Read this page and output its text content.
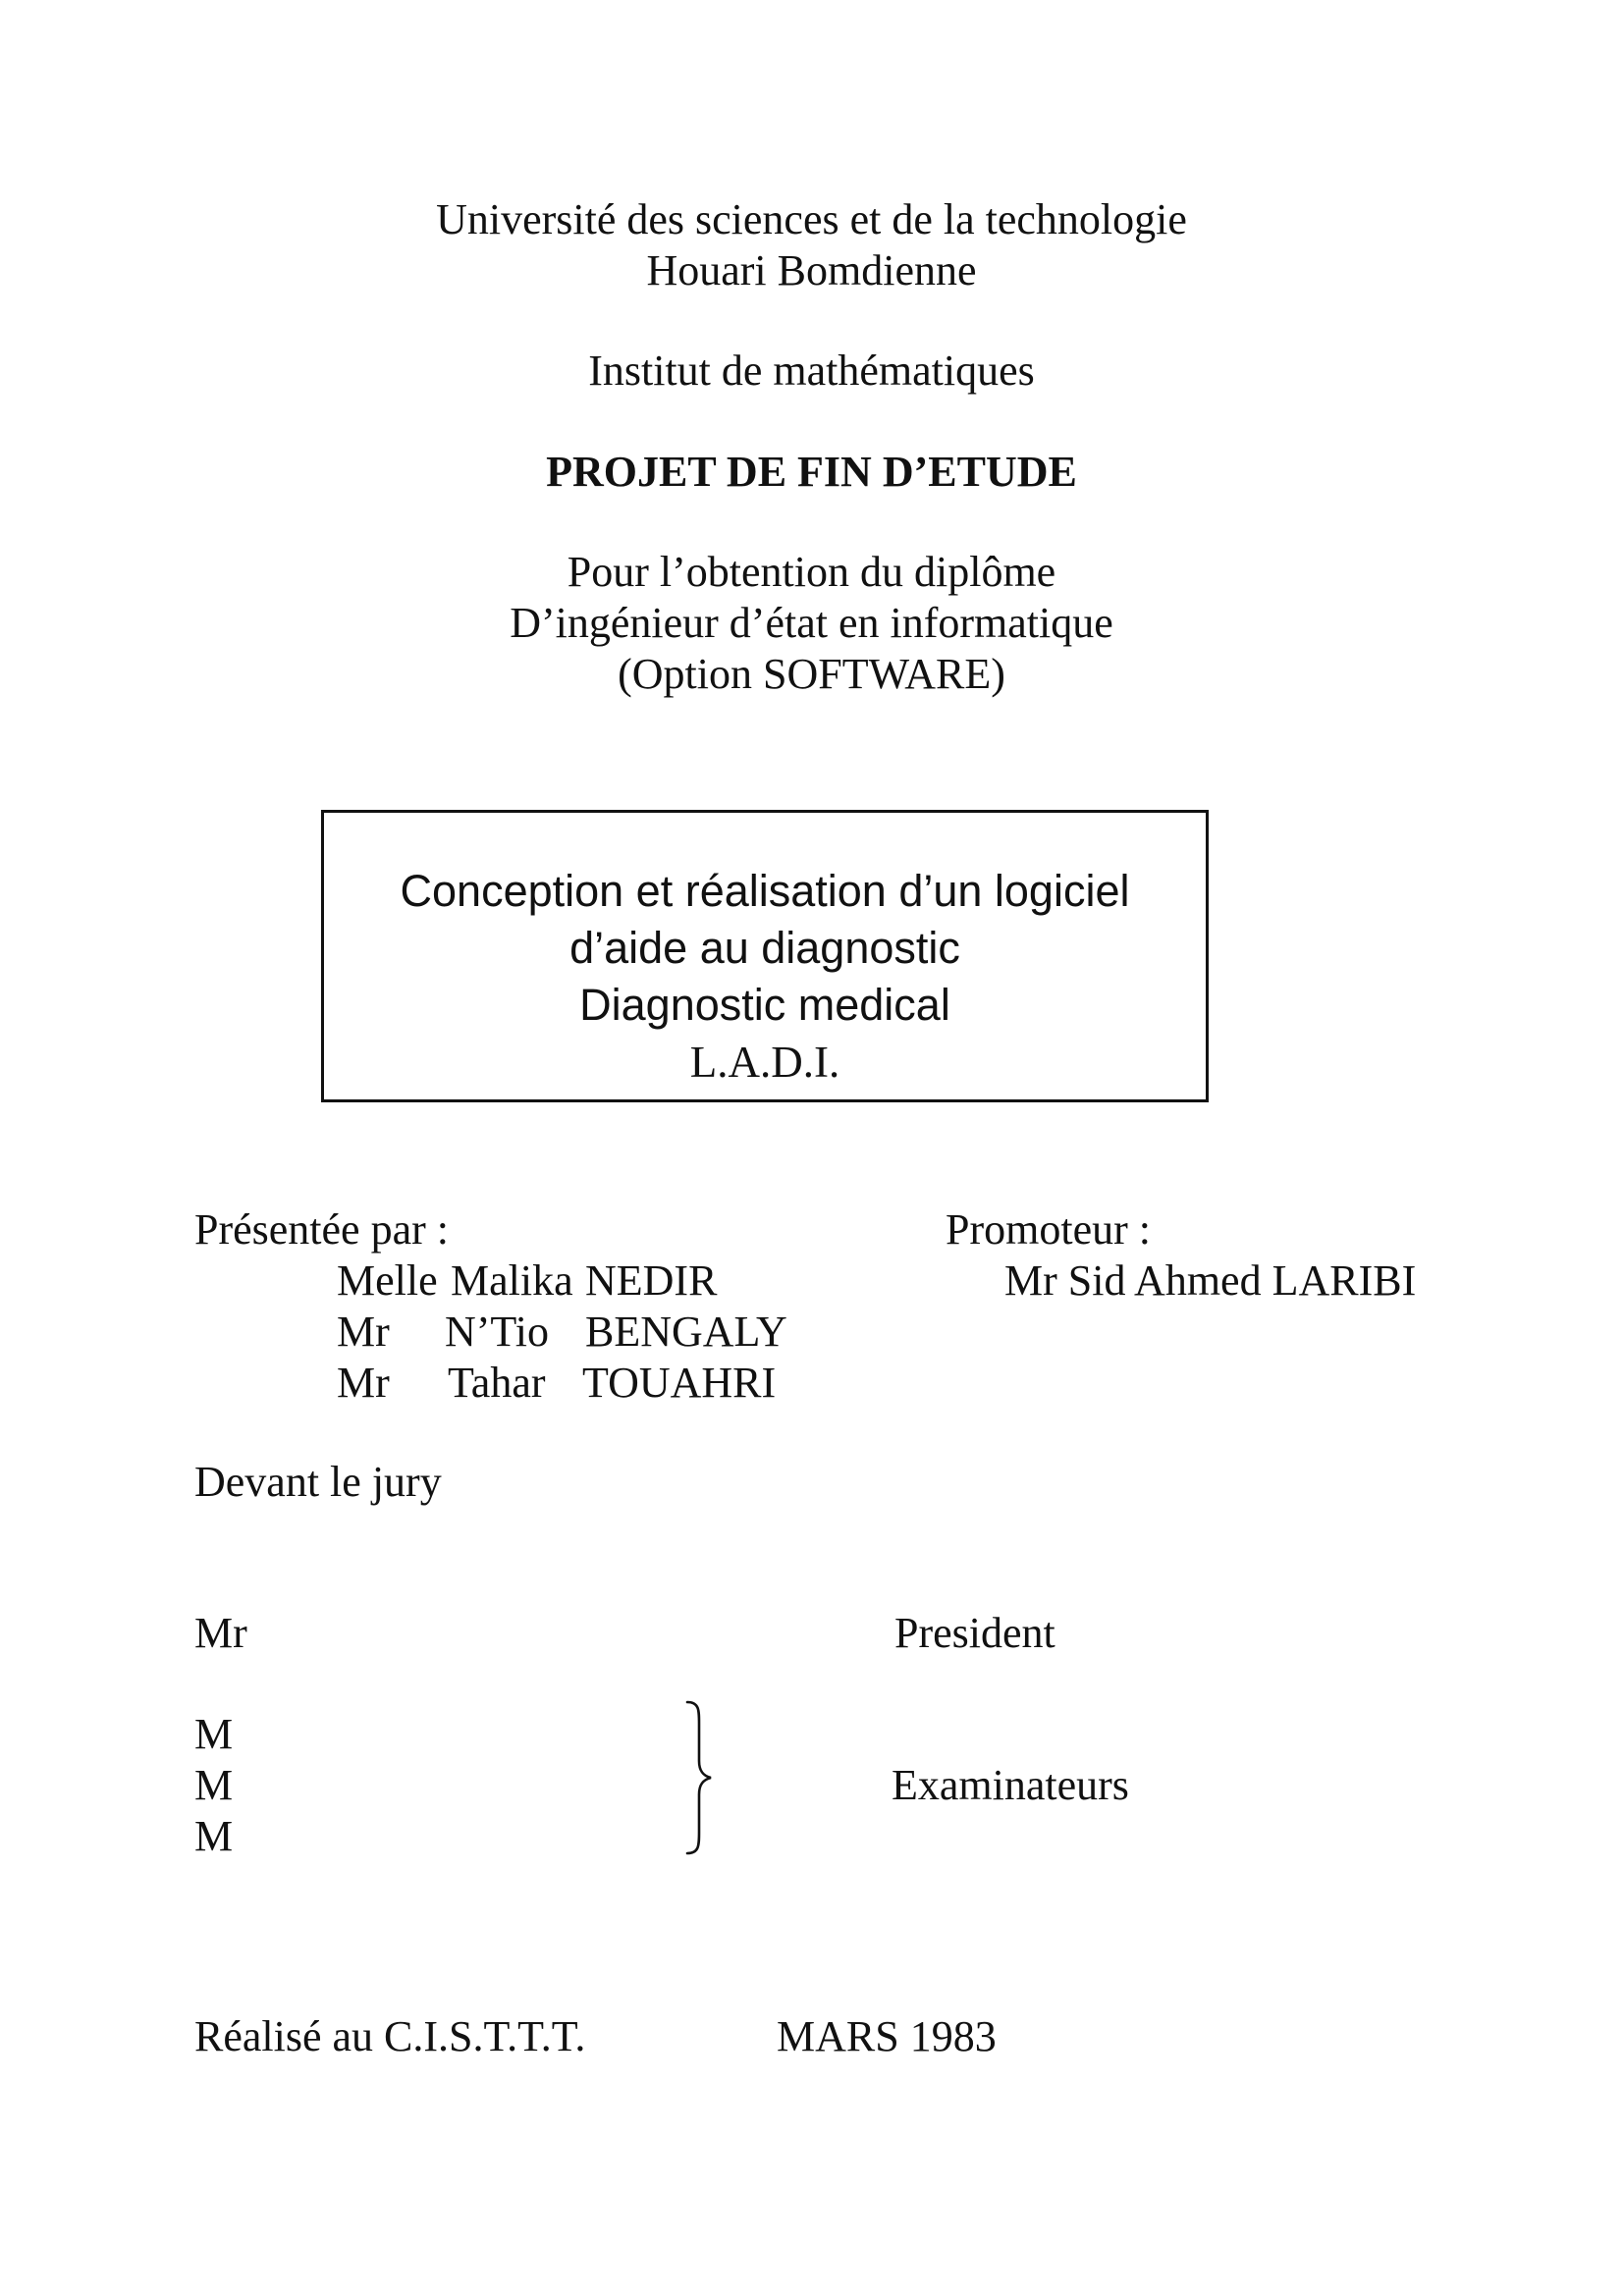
Université des sciences et de la technologie
Houari Bomdienne
Institut de mathématiques
PROJET DE FIN D’ETUDE
Pour l’obtention du diplôme
D’ingénieur d’état en informatique
(Option SOFTWARE)
Conception et réalisation d’un logiciel
d’aide au diagnostic
Diagnostic medical
L.A.D.I.
Présentée par :
Melle Malika NEDIR
Mr N’Tio BENGALY
Mr Tahar TOUAHRI
Promoteur :
Mr Sid Ahmed LARIBI
Devant le jury
Mr	President
M
M
M
Examinateurs
Réalisé au C.I.S.T.T.T.	MARS 1983
